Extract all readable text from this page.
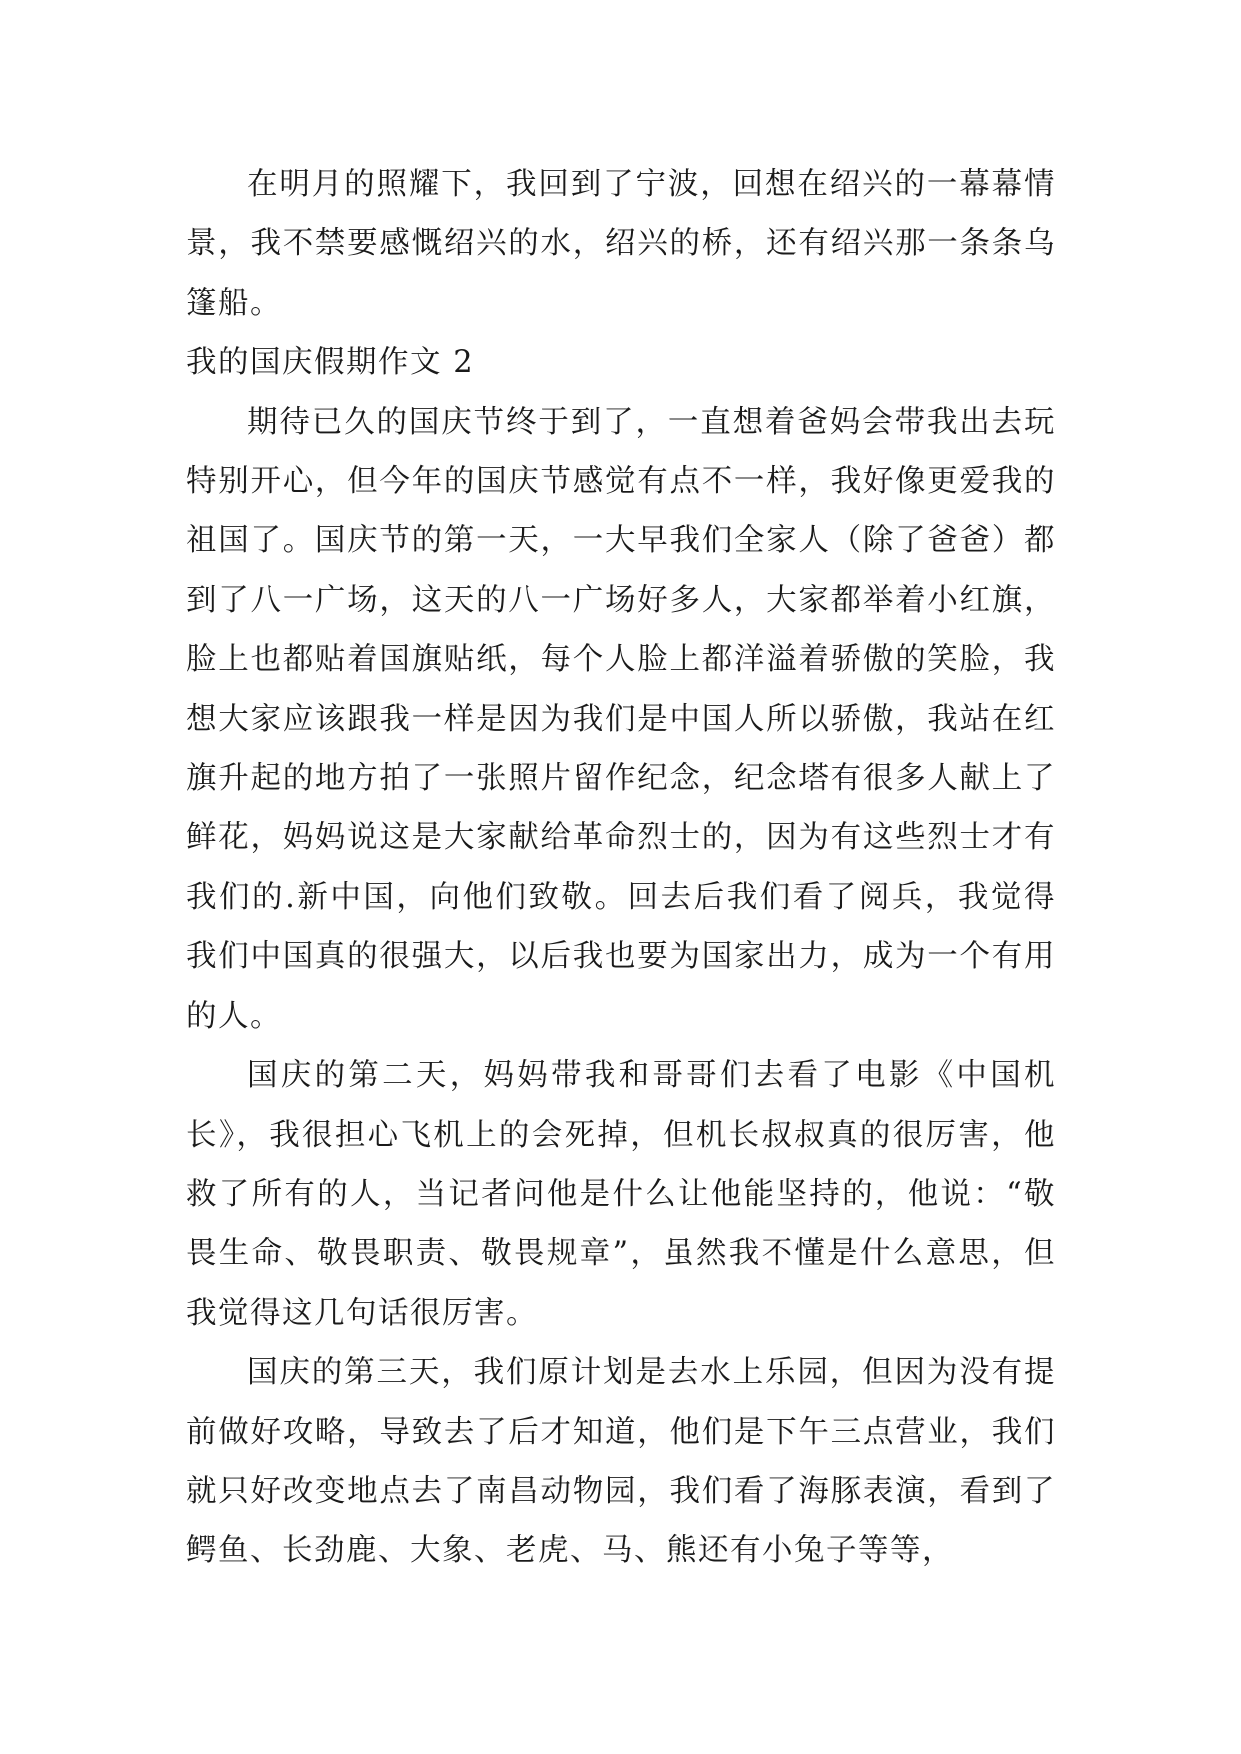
在明月的照耀下，我回到了宁波，回想在绍兴的一幕幕情景，我不禁要感慨绍兴的水，绍兴的桥，还有绍兴那一条条乌篷船。

我的国庆假期作文 2

期待已久的国庆节终于到了，一直想着爸妈会带我出去玩特别开心，但今年的国庆节感觉有点不一样，我好像更爱我的祖国了。国庆节的第一天，一大早我们全家人（除了爸爸）都到了八一广场，这天的八一广场好多人，大家都举着小红旗，脸上也都贴着国旗贴纸，每个人脸上都洋溢着骄傲的笑脸，我想大家应该跟我一样是因为我们是中国人所以骄傲，我站在红旗升起的地方拍了一张照片留作纪念，纪念塔有很多人献上了鲜花，妈妈说这是大家献给革命烈士的，因为有这些烈士才有我们的.新中国，向他们致敬。回去后我们看了阅兵，我觉得我们中国真的很强大，以后我也要为国家出力，成为一个有用的人。

国庆的第二天，妈妈带我和哥哥们去看了电影《中国机长》，我很担心飞机上的会死掉，但机长叔叔真的很厉害，他救了所有的人，当记者问他是什么让他能坚持的，他说：“敬畏生命、敬畏职责、敬畏规章”，虽然我不懂是什么意思，但我觉得这几句话很厉害。

国庆的第三天，我们原计划是去水上乐园，但因为没有提前做好攻略，导致去了后才知道，他们是下午三点营业，我们就只好改变地点去了南昌动物园，我们看了海豚表演，看到了鳄鱼、长劲鹿、大象、老虎、马、熊还有小兔子等等，
